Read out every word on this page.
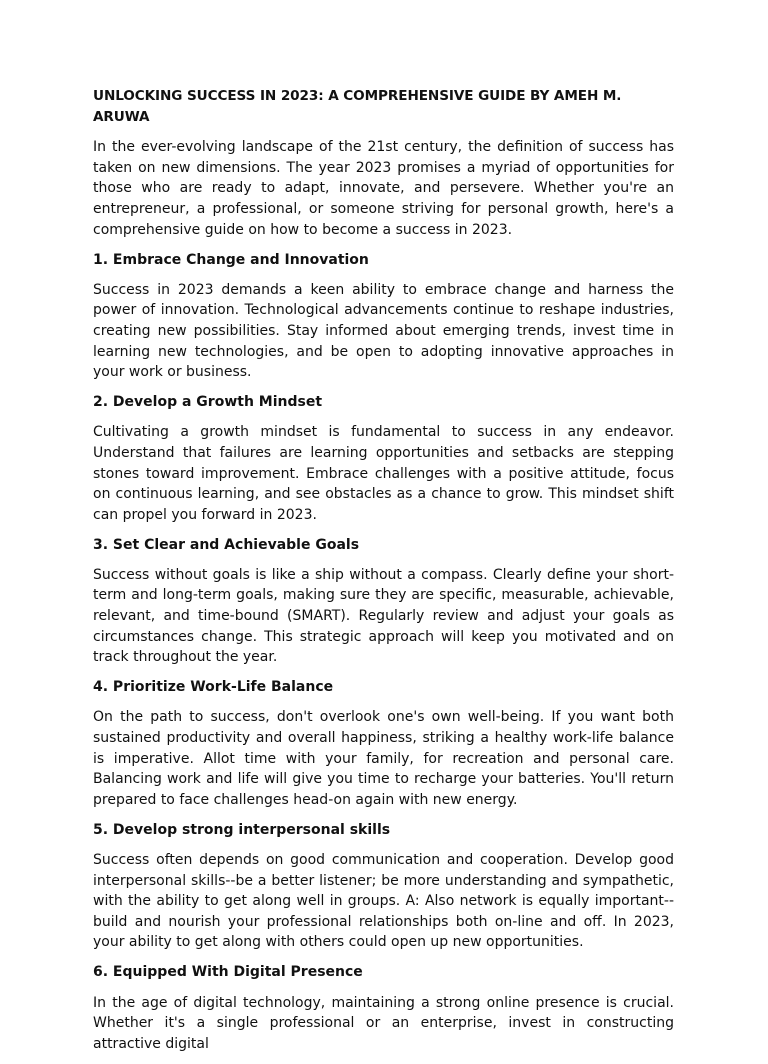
UNLOCKING SUCCESS IN 2023: A COMPREHENSIVE GUIDE BY AMEH M. ARUWA

In the ever-evolving landscape of the 21st century, the definition of success has taken on new dimensions. The year 2023 promises a myriad of opportunities for those who are ready to adapt, innovate, and persevere. Whether you're an entrepreneur, a professional, or someone striving for personal growth, here's a comprehensive guide on how to become a success in 2023.

1. Embrace Change and Innovation

Success in 2023 demands a keen ability to embrace change and harness the power of innovation. Technological advancements continue to reshape industries, creating new possibilities. Stay informed about emerging trends, invest time in learning new technologies, and be open to adopting innovative approaches in your work or business.

2. Develop a Growth Mindset

Cultivating a growth mindset is fundamental to success in any endeavor. Understand that failures are learning opportunities and setbacks are stepping stones toward improvement. Embrace challenges with a positive attitude, focus on continuous learning, and see obstacles as a chance to grow. This mindset shift can propel you forward in 2023.

3. Set Clear and Achievable Goals

Success without goals is like a ship without a compass. Clearly define your short-term and long-term goals, making sure they are specific, measurable, achievable, relevant, and time-bound (SMART). Regularly review and adjust your goals as circumstances change. This strategic approach will keep you motivated and on track throughout the year.

4. Prioritize Work-Life Balance

On the path to success, don't overlook one's own well-being. If you want both sustained productivity and overall happiness, striking a healthy work-life balance is imperative. Allot time with your family, for recreation and personal care. Balancing work and life will give you time to recharge your batteries. You'll return prepared to face challenges head-on again with new energy.

5. Develop strong interpersonal skills

Success often depends on good communication and cooperation. Develop good interpersonal skills--be a better listener; be more understanding and sympathetic, with the ability to get along well in groups. A: Also network is equally important--build and nourish your professional relationships both on-line and off. In 2023, your ability to get along with others could open up new opportunities.

6. Equipped With Digital Presence

In the age of digital technology, maintaining a strong online presence is crucial. Whether it's a single professional or an enterprise, invest in constructing attractive digital
